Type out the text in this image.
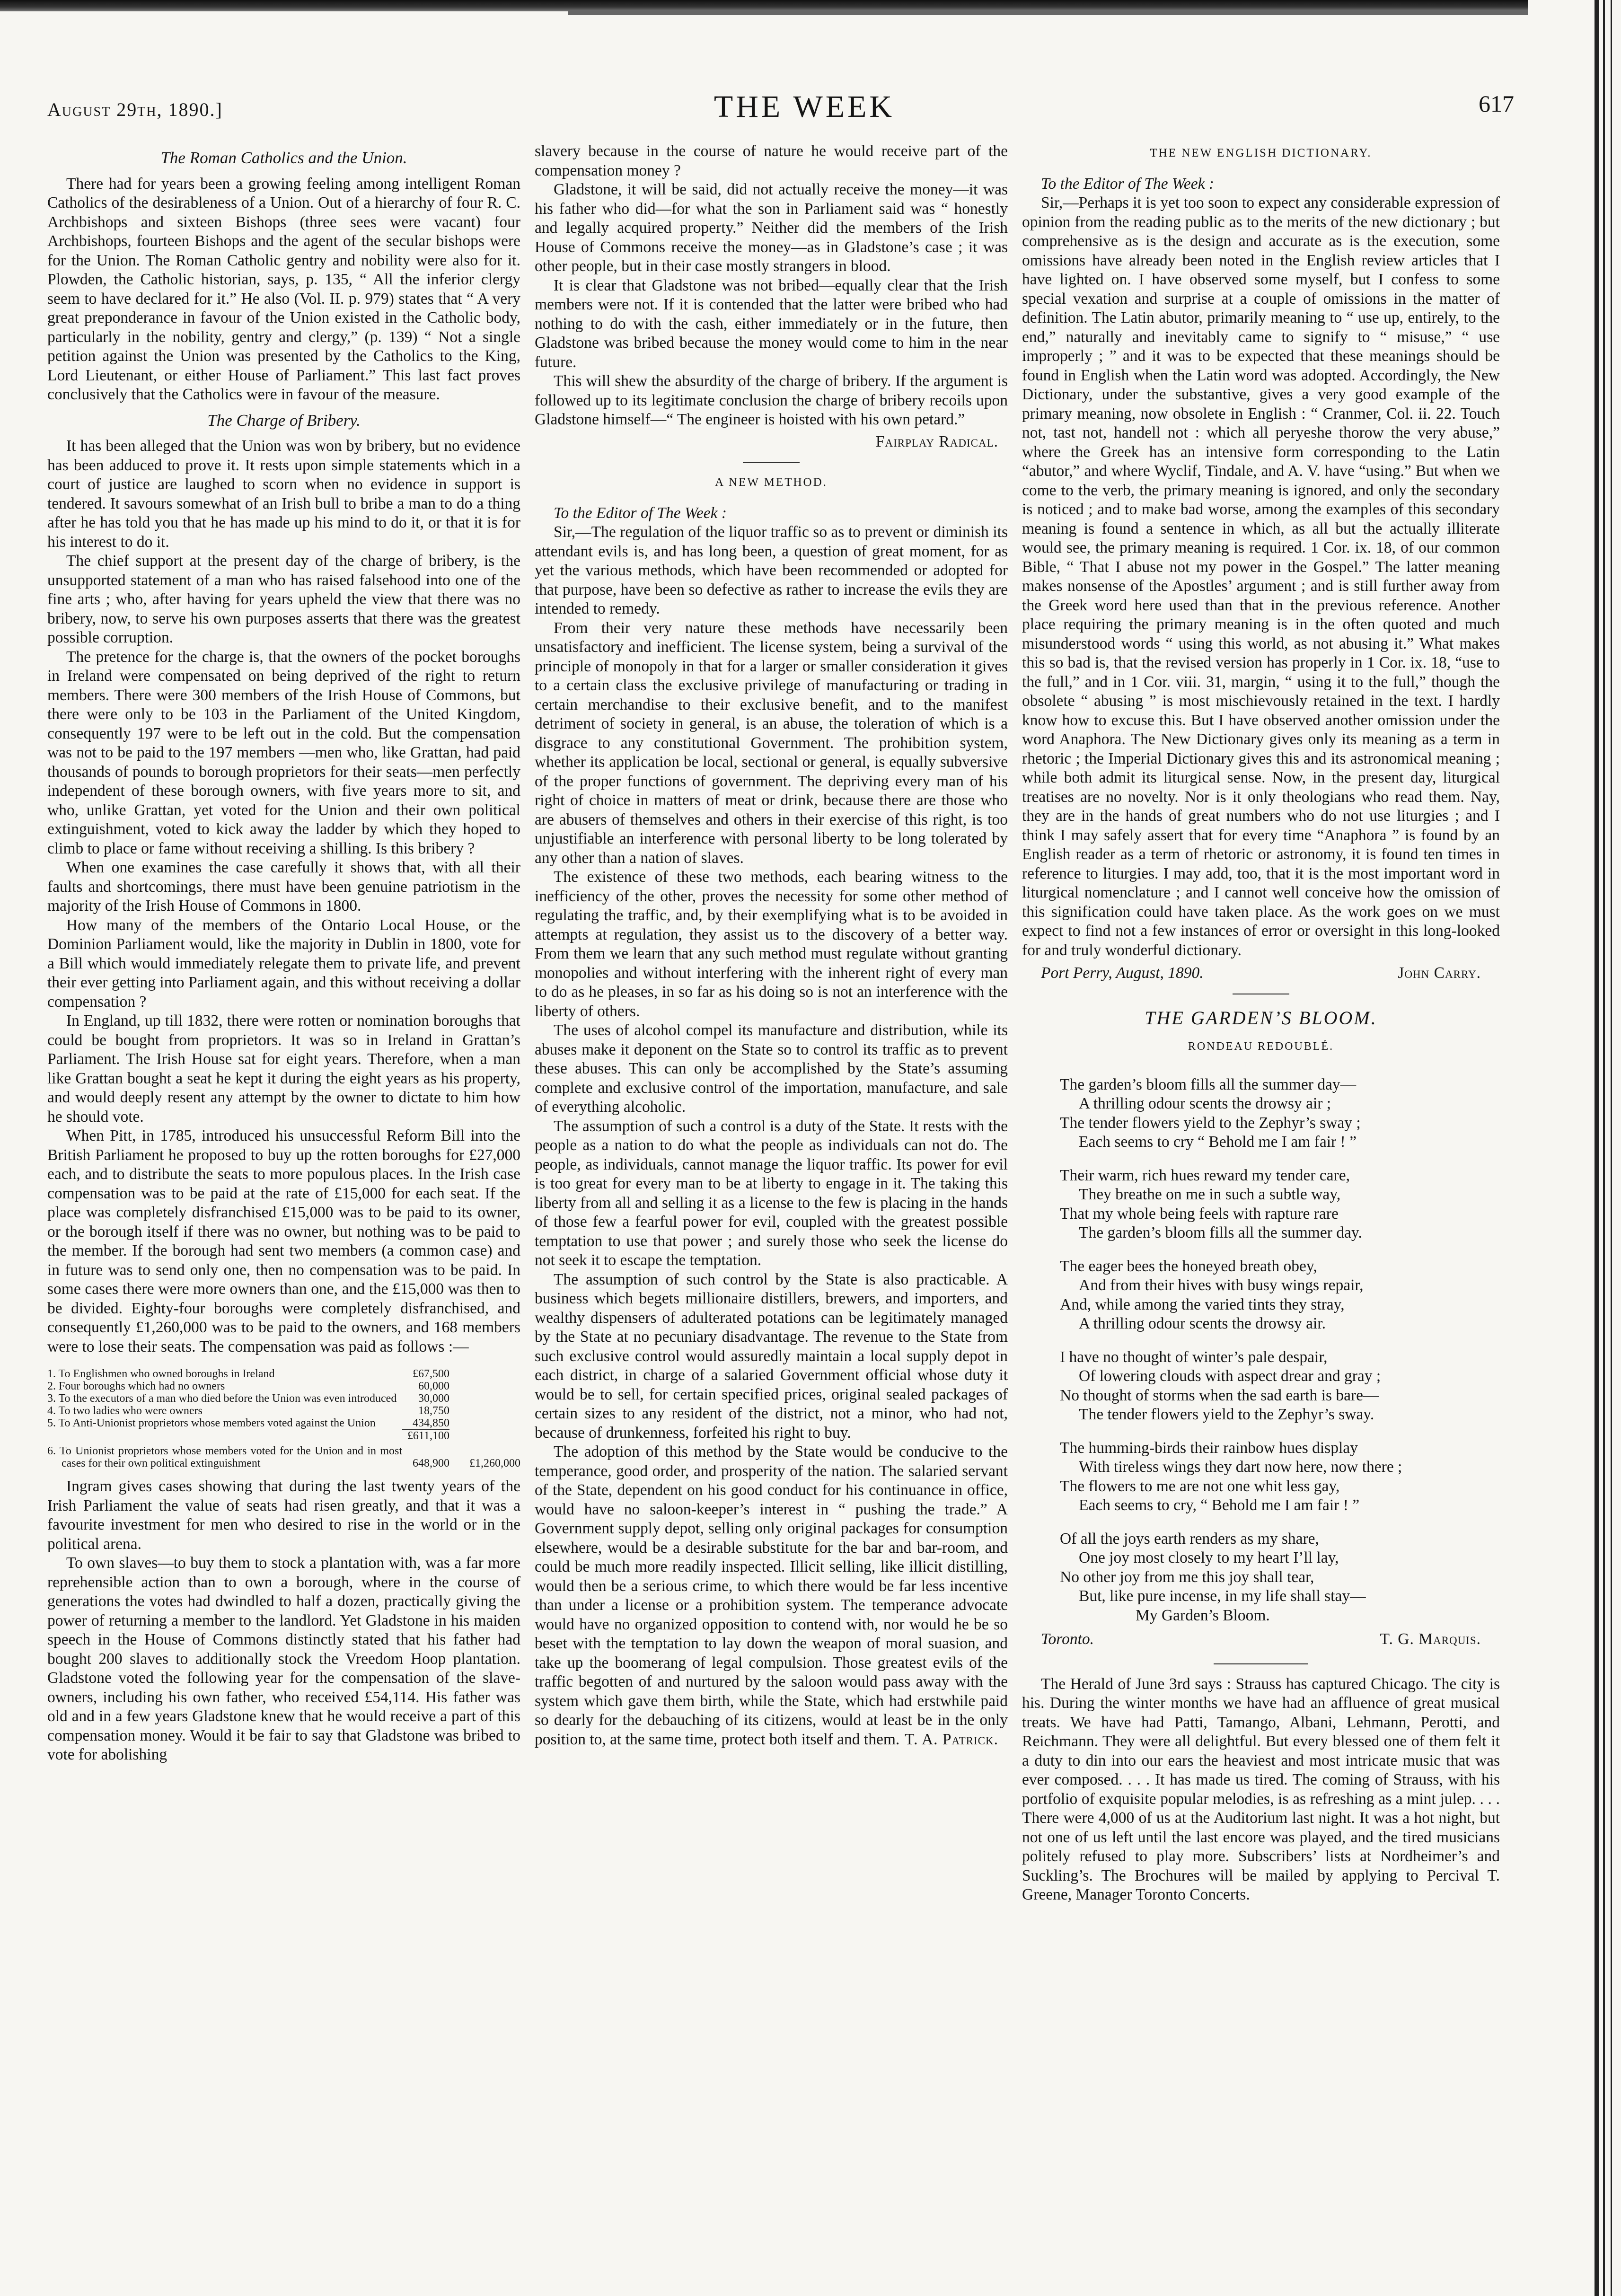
August 29th, 1890.]	THE WEEK	617
The Roman Catholics and the Union.

There had for years been a growing feeling among intelligent Roman Catholics of the desirableness of a Union. Out of a hierarchy of four R. C. Archbishops and sixteen Bishops (three sees were vacant) four Archbishops, fourteen Bishops and the agent of the secular bishops were for the Union. The Roman Catholic gentry and nobility were also for it. Plowden, the Catholic historian, says, p. 135, “ All the inferior clergy seem to have declared for it.” He also (Vol. II. p. 979) states that “ A very great preponderance in favour of the Union existed in the Catholic body, particularly in the nobility, gentry and clergy,” (p. 139) “ Not a single petition against the Union was presented by the Catholics to the King, Lord Lieutenant, or either House of Parliament.” This last fact proves conclusively that the Catholics were in favour of the measure.

The Charge of Bribery.

It has been alleged that the Union was won by bribery, but no evidence has been adduced to prove it. It rests upon simple statements which in a court of justice are laughed to scorn when no evidence in support is tendered. It savours somewhat of an Irish bull to bribe a man to do a thing after he has told you that he has made up his mind to do it, or that it is for his interest to do it.

The chief support at the present day of the charge of bribery, is the unsupported statement of a man who has raised falsehood into one of the fine arts ; who, after having for years upheld the view that there was no bribery, now, to serve his own purposes asserts that there was the greatest possible corruption.

The pretence for the charge is, that the owners of the pocket boroughs in Ireland were compensated on being deprived of the right to return members. There were 300 members of the Irish House of Commons, but there were only to be 103 in the Parliament of the United Kingdom, consequently 197 were to be left out in the cold. But the compensation was not to be paid to the 197 members —men who, like Grattan, had paid thousands of pounds to borough proprietors for their seats—men perfectly independent of these borough owners, with five years more to sit, and who, unlike Grattan, yet voted for the Union and their own political extinguishment, voted to kick away the ladder by which they hoped to climb to place or fame without receiving a shilling. Is this bribery ?

When one examines the case carefully it shows that, with all their faults and shortcomings, there must have been genuine patriotism in the majority of the Irish House of Commons in 1800.

How many of the members of the Ontario Local House, or the Dominion Parliament would, like the majority in Dublin in 1800, vote for a Bill which would immediately relegate them to private life, and prevent their ever getting into Parliament again, and this without receiving a dollar compensation ?

In England, up till 1832, there were rotten or nomination boroughs that could be bought from proprietors. It was so in Ireland in Grattan’s Parliament. The Irish House sat for eight years. Therefore, when a man like Grattan bought a seat he kept it during the eight years as his property, and would deeply resent any attempt by the owner to dictate to him how he should vote.

When Pitt, in 1785, introduced his unsuccessful Reform Bill into the British Parliament he proposed to buy up the rotten boroughs for £27,000 each, and to distribute the seats to more populous places. In the Irish case compensation was to be paid at the rate of £15,000 for each seat. If the place was completely disfranchised £15,000 was to be paid to its owner, or the borough itself if there was no owner, but nothing was to be paid to the member. If the borough had sent two members (a common case) and in future was to send only one, then no compensation was to be paid. In some cases there were more owners than one, and the £15,000 was then to be divided. Eighty-four boroughs were completely disfranchised, and consequently £1,260,000 was to be paid to the owners, and 168 members were to lose their seats. The compensation was paid as follows :—

1. To Englishmen who owned boroughs in Ireland	£67,500
2. Four boroughs which had no owners	60,000
3. To the executors of a man who died before the Union was even introduced	30,000
4. To two ladies who were owners	18,750
5. To Anti-Unionist proprietors whose members voted against the Union	434,850
£611,100
6. To Unionist proprietors whose members voted for the Union and in most cases for their own political extinguishment	648,900	£1,260,000

Ingram gives cases showing that during the last twenty years of the Irish Parliament the value of seats had risen greatly, and that it was a favourite investment for men who desired to rise in the world or in the political arena.

To own slaves—to buy them to stock a plantation with, was a far more reprehensible action than to own a borough, where in the course of generations the votes had dwindled to half a dozen, practically giving the power of returning a member to the landlord. Yet Gladstone in his maiden speech in the House of Commons distinctly stated that his father had bought 200 slaves to additionally stock the Vreedom Hoop plantation. Gladstone voted the following year for the compensation of the slave-owners, including his own father, who received £54,114. His father was old and in a few years Gladstone knew that he would receive a part of this compensation money. Would it be fair to say that Gladstone was bribed to vote for abolishing

slavery because in the course of nature he would receive part of the compensation money ?

Gladstone, it will be said, did not actually receive the money—it was his father who did—for what the son in Parliament said was “ honestly and legally acquired property.” Neither did the members of the Irish House of Commons receive the money—as in Gladstone’s case ; it was other people, but in their case mostly strangers in blood.

It is clear that Gladstone was not bribed—equally clear that the Irish members were not. If it is contended that the latter were bribed who had nothing to do with the cash, either immediately or in the future, then Gladstone was bribed because the money would come to him in the near future.

This will shew the absurdity of the charge of bribery. If the argument is followed up to its legitimate conclusion the charge of bribery recoils upon Gladstone himself—“ The engineer is hoisted with his own petard.”

Fairplay Radical.
A NEW METHOD.

To the Editor of The Week :

Sir,—The regulation of the liquor traffic so as to prevent or diminish its attendant evils is, and has long been, a question of great moment, for as yet the various methods, which have been recommended or adopted for that purpose, have been so defective as rather to increase the evils they are intended to remedy.

From their very nature these methods have necessarily been unsatisfactory and inefficient. The license system, being a survival of the principle of monopoly in that for a larger or smaller consideration it gives to a certain class the exclusive privilege of manufacturing or trading in certain merchandise to their exclusive benefit, and to the manifest detriment of society in general, is an abuse, the toleration of which is a disgrace to any constitutional Government. The prohibition system, whether its application be local, sectional or general, is equally subversive of the proper functions of government. The depriving every man of his right of choice in matters of meat or drink, because there are those who are abusers of themselves and others in their exercise of this right, is too unjustifiable an interference with personal liberty to be long tolerated by any other than a nation of slaves.

The existence of these two methods, each bearing witness to the inefficiency of the other, proves the necessity for some other method of regulating the traffic, and, by their exemplifying what is to be avoided in attempts at regulation, they assist us to the discovery of a better way. From them we learn that any such method must regulate without granting monopolies and without interfering with the inherent right of every man to do as he pleases, in so far as his doing so is not an interference with the liberty of others.

The uses of alcohol compel its manufacture and distribution, while its abuses make it deponent on the State so to control its traffic as to prevent these abuses. This can only be accomplished by the State’s assuming complete and exclusive control of the importation, manufacture, and sale of everything alcoholic.

The assumption of such a control is a duty of the State. It rests with the people as a nation to do what the people as individuals can not do. The people, as individuals, cannot manage the liquor traffic. Its power for evil is too great for every man to be at liberty to engage in it. The taking this liberty from all and selling it as a license to the few is placing in the hands of those few a fearful power for evil, coupled with the greatest possible temptation to use that power ; and surely those who seek the license do not seek it to escape the temptation.

The assumption of such control by the State is also practicable. A business which begets millionaire distillers, brewers, and importers, and wealthy dispensers of adulterated potations can be legitimately managed by the State at no pecuniary disadvantage. The revenue to the State from such exclusive control would assuredly maintain a local supply depot in each district, in charge of a salaried Government official whose duty it would be to sell, for certain specified prices, original sealed packages of certain sizes to any resident of the district, not a minor, who had not, because of drunkenness, forfeited his right to buy.

The adoption of this method by the State would be conducive to the temperance, good order, and prosperity of the nation. The salaried servant of the State, dependent on his good conduct for his continuance in office, would have no saloon-keeper’s interest in “ pushing the trade.” A Government supply depot, selling only original packages for consumption elsewhere, would be a desirable substitute for the bar and bar-room, and could be much more readily inspected. Illicit selling, like illicit distilling, would then be a serious crime, to which there would be far less incentive than under a license or a prohibition system. The temperance advocate would have no organized opposition to contend with, nor would he be so beset with the temptation to lay down the weapon of moral suasion, and take up the boomerang of legal compulsion. Those greatest evils of the traffic begotten of and nurtured by the saloon would pass away with the system which gave them birth, while the State, which had erstwhile paid so dearly for the debauching of its citizens, would at least be in the only position to, at the same time, protect both itself and them. T. A. Patrick.
THE NEW ENGLISH DICTIONARY.

To the Editor of The Week :

Sir,—Perhaps it is yet too soon to expect any considerable expression of opinion from the reading public as to the merits of the new dictionary ; but comprehensive as is the design and accurate as is the execution, some omissions have already been noted in the English review articles that I have lighted on. I have observed some myself, but I confess to some special vexation and surprise at a couple of omissions in the matter of definition. The Latin abutor, primarily meaning to “ use up, entirely, to the end,” naturally and inevitably came to signify to “ misuse,” “ use improperly ; ” and it was to be expected that these meanings should be found in English when the Latin word was adopted. Accordingly, the New Dictionary, under the substantive, gives a very good example of the primary meaning, now obsolete in English : “ Cranmer, Col. ii. 22. Touch not, tast not, handell not : which all peryeshe thorow the very abuse,” where the Greek has an intensive form corresponding to the Latin “abutor,” and where Wyclif, Tindale, and A. V. have “using.” But when we come to the verb, the primary meaning is ignored, and only the secondary is noticed ; and to make bad worse, among the examples of this secondary meaning is found a sentence in which, as all but the actually illiterate would see, the primary meaning is required. 1 Cor. ix. 18, of our common Bible, “ That I abuse not my power in the Gospel.” The latter meaning makes nonsense of the Apostles’ argument ; and is still further away from the Greek word here used than that in the previous reference. Another place requiring the primary meaning is in the often quoted and much misunderstood words “ using this world, as not abusing it.” What makes this so bad is, that the revised version has properly in 1 Cor. ix. 18, “use to the full,” and in 1 Cor. viii. 31, margin, “ using it to the full,” though the obsolete “ abusing ” is most mischievously retained in the text. I hardly know how to excuse this. But I have observed another omission under the word Anaphora. The New Dictionary gives only its meaning as a term in rhetoric ; the Imperial Dictionary gives this and its astronomical meaning ; while both admit its liturgical sense. Now, in the present day, liturgical treatises are no novelty. Nor is it only theologians who read them. Nay, they are in the hands of great numbers who do not use liturgies ; and I think I may safely assert that for every time “Anaphora ” is found by an English reader as a term of rhetoric or astronomy, it is found ten times in reference to liturgies. I may add, too, that it is the most important word in liturgical nomenclature ; and I cannot well conceive how the omission of this signification could have taken place. As the work goes on we must expect to find not a few instances of error or oversight in this long-looked for and truly wonderful dictionary.

Port Perry, August, 1890.	John Carry.
THE GARDEN’S BLOOM.
RONDEAU REDOUBLÉ.
The garden’s bloom fills all the summer day—
A thrilling odour scents the drowsy air ;
The tender flowers yield to the Zephyr’s sway ;
Each seems to cry “ Behold me I am fair ! ”
Their warm, rich hues reward my tender care,
They breathe on me in such a subtle way,
That my whole being feels with rapture rare
The garden’s bloom fills all the summer day.
The eager bees the honeyed breath obey,
And from their hives with busy wings repair,
And, while among the varied tints they stray,
A thrilling odour scents the drowsy air.
I have no thought of winter’s pale despair,
Of lowering clouds with aspect drear and gray ;
No thought of storms when the sad earth is bare—
The tender flowers yield to the Zephyr’s sway.
The humming-birds their rainbow hues display
With tireless wings they dart now here, now there ;
The flowers to me are not one whit less gay,
Each seems to cry, “ Behold me I am fair ! ”
Of all the joys earth renders as my share,
One joy most closely to my heart I’ll lay,
No other joy from me this joy shall tear,
But, like pure incense, in my life shall stay—
My Garden’s Bloom.
Toronto.	T. G. Marquis.

The Herald of June 3rd says : Strauss has captured Chicago. The city is his. During the winter months we have had an affluence of great musical treats. We have had Patti, Tamango, Albani, Lehmann, Perotti, and Reichmann. They were all delightful. But every blessed one of them felt it a duty to din into our ears the heaviest and most intricate music that was ever composed. . . . It has made us tired. The coming of Strauss, with his portfolio of exquisite popular melodies, is as refreshing as a mint julep. . . . There were 4,000 of us at the Auditorium last night. It was a hot night, but not one of us left until the last encore was played, and the tired musicians politely refused to play more. Subscribers’ lists at Nordheimer’s and Suckling’s. The Brochures will be mailed by applying to Percival T. Greene, Manager Toronto Concerts.
